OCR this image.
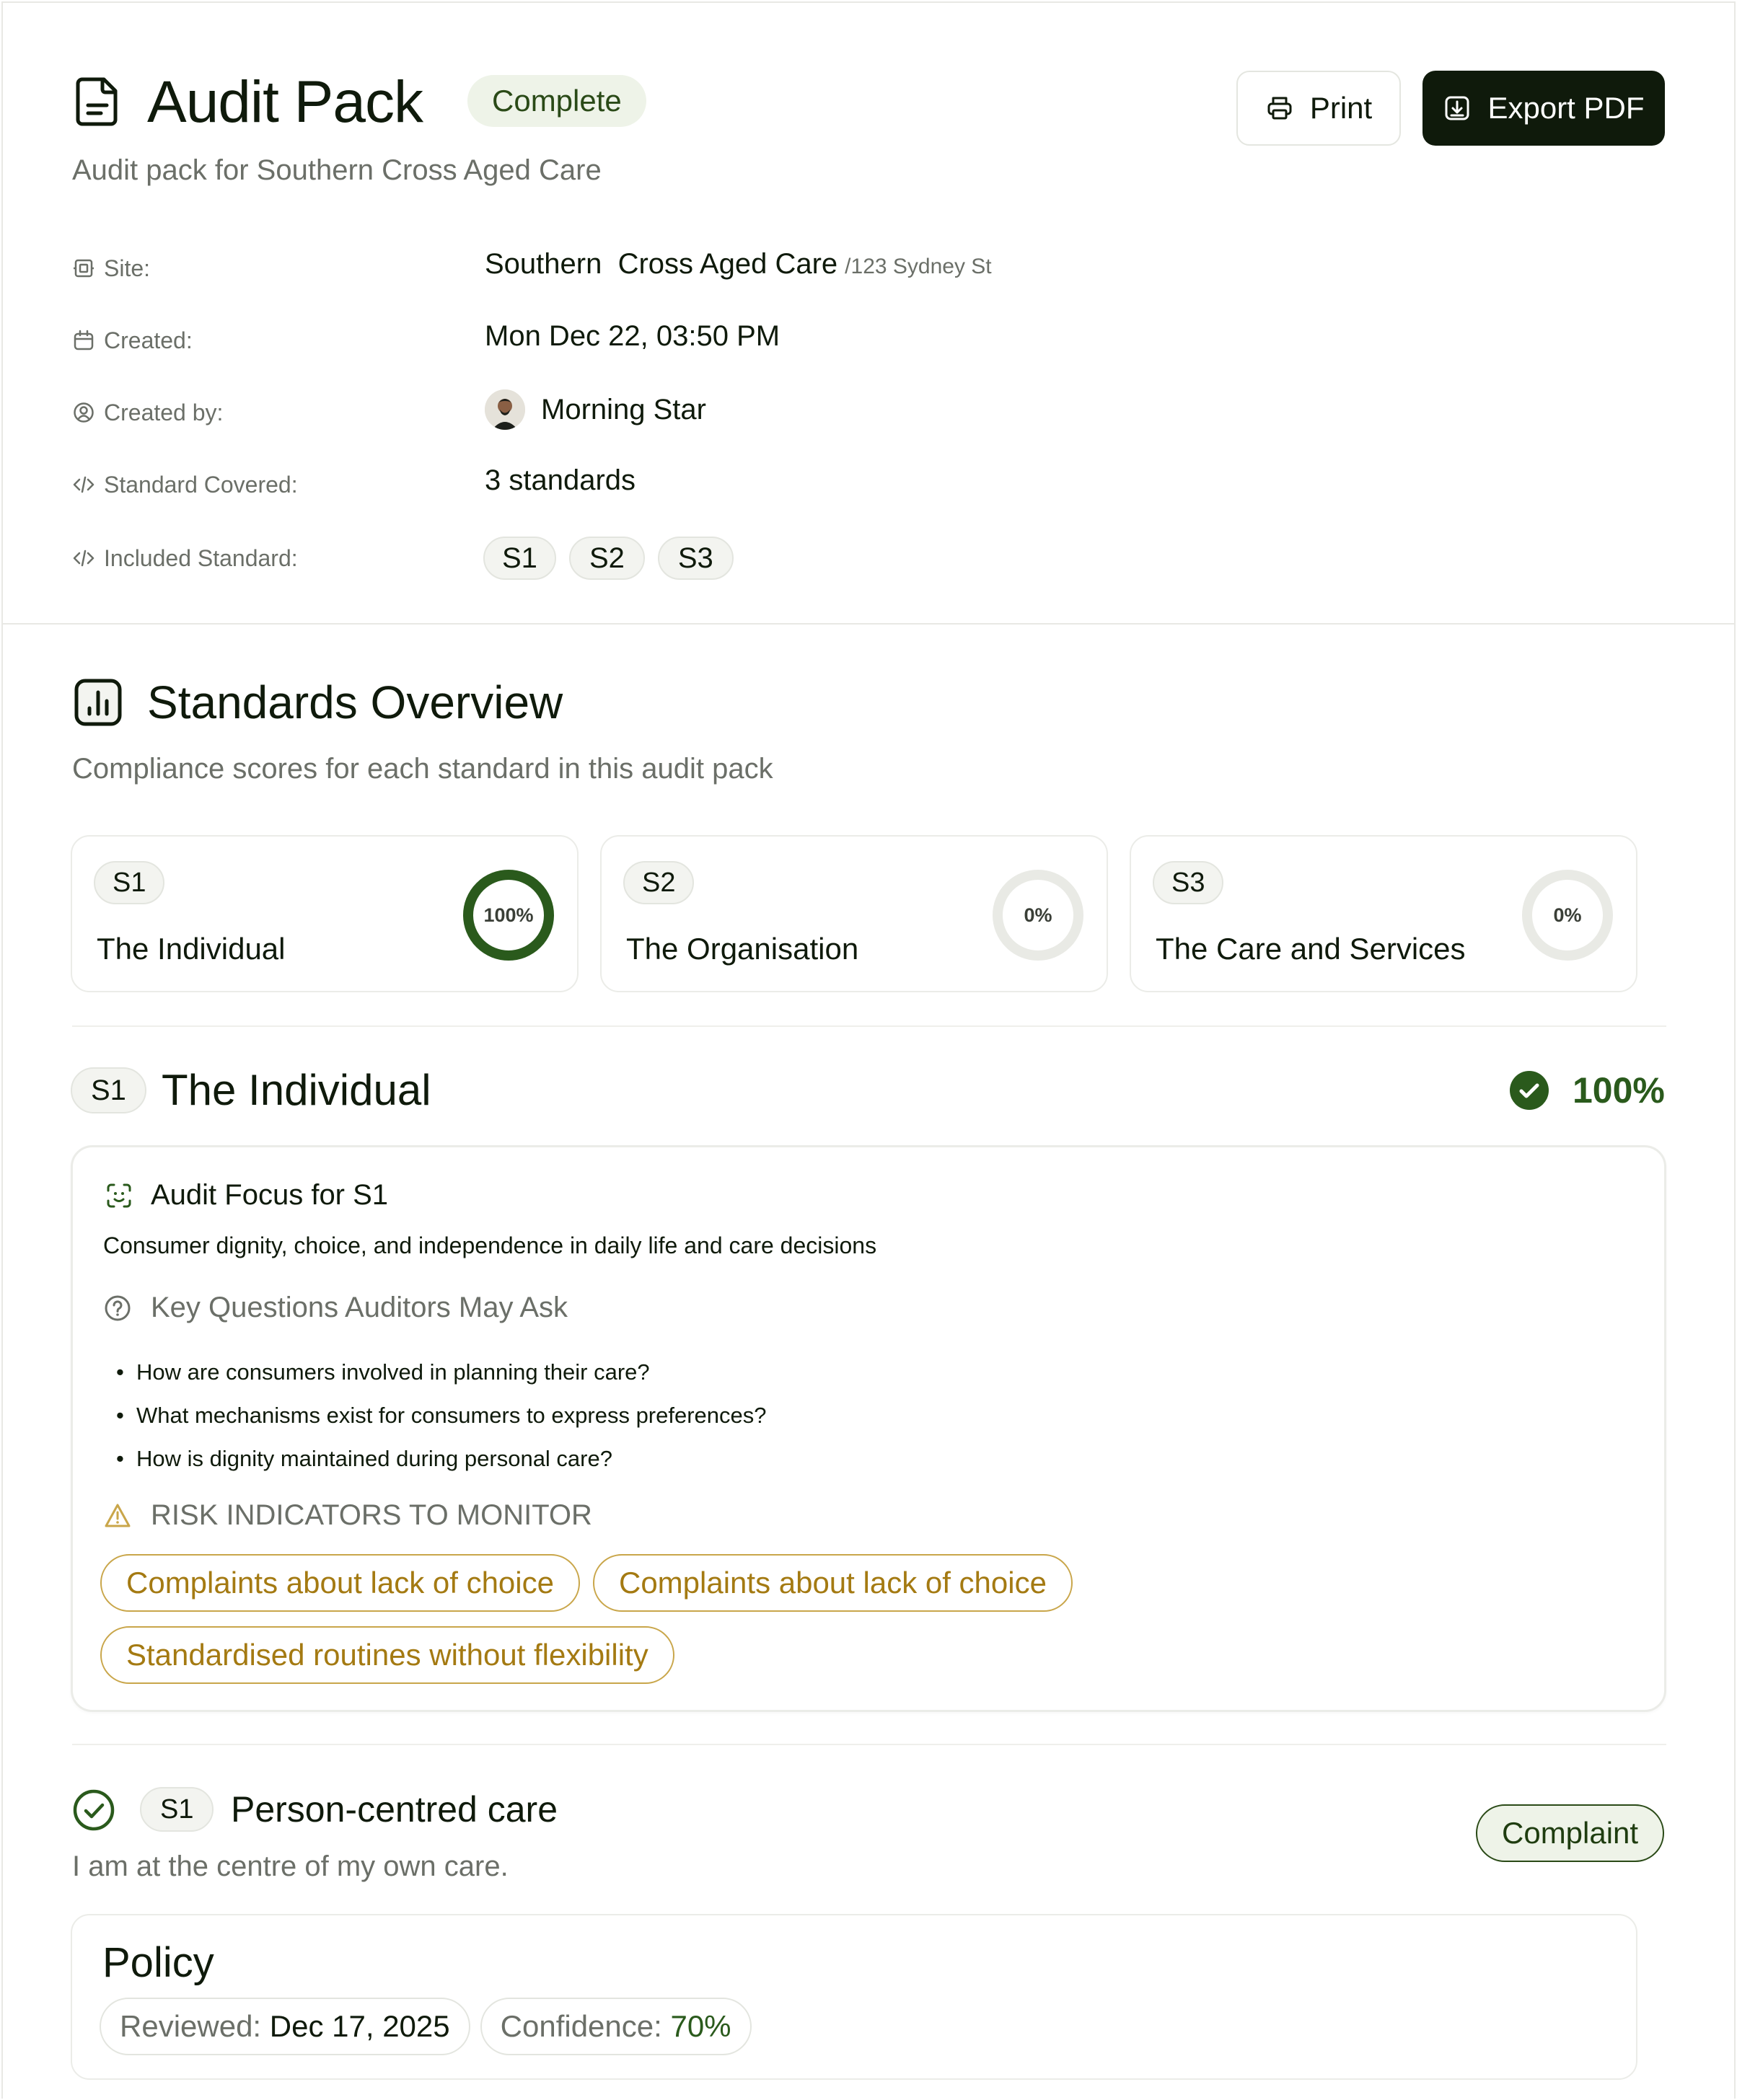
Audit Pack	Complete	Print	Export PDF
Audit pack for Southern Cross Aged Care
Site:	Southern  Cross Aged Care /123 Sydney St
Created:	Mon Dec 22, 03:50 PM
Created by:	Morning Star
Standard Covered:	3 standards
Included Standard:	S1	S2	S3
Standards Overview
Compliance scores for each standard in this audit pack
S1
The Individual
100%
S2
The Organisation
0%
S3
The Care and Services
0%
S1 The Individual	100%
Audit Focus for S1
Consumer dignity, choice, and independence in daily life and care decisions
Key Questions Auditors May Ask
• How are consumers involved in planning their care?
• What mechanisms exist for consumers to express preferences?
• How is dignity maintained during personal care?
RISK INDICATORS TO MONITOR
Complaints about lack of choice Complaints about lack of choice
Standardised routines without flexibility
S1	Person-centred care
I am at the centre of my own care.
Complaint
Policy
Reviewed:
Dec 17, 2025 Confidence:
70%
